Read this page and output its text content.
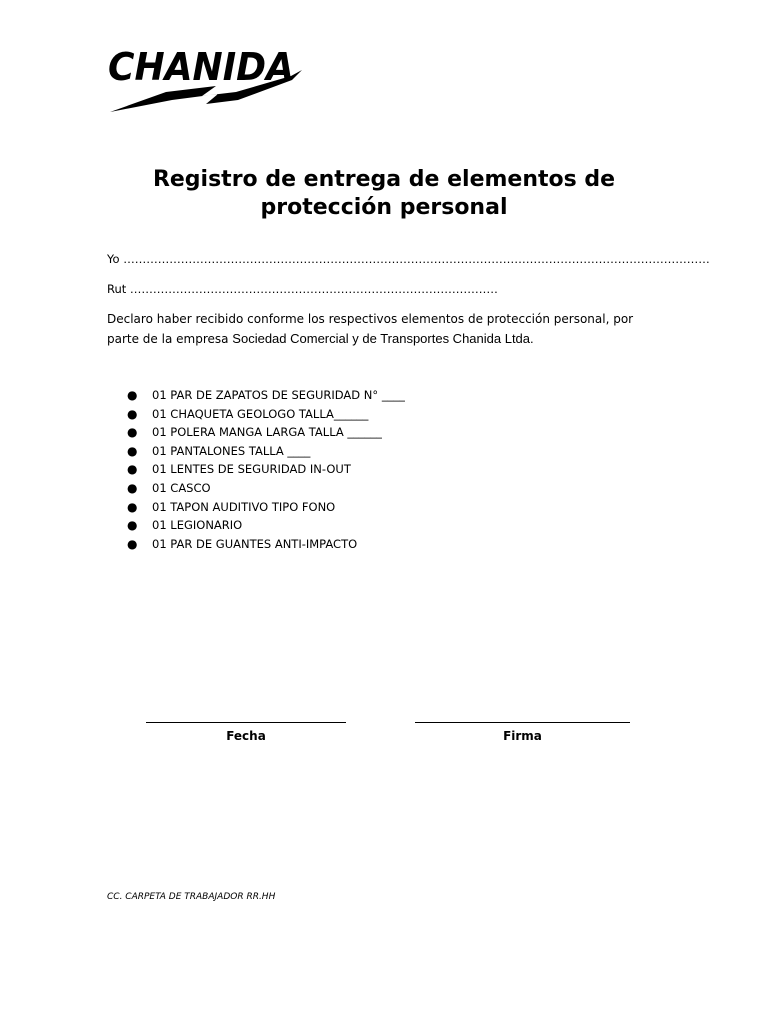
CHANIDA
Registro de entrega de elementos de
protección personal
Yo ………………………………………………………………………………………………………………………………………
Rut ……………………………………………………………………………………
Declaro haber recibido conforme los respectivos elementos de protección personal, por parte de la empresa Sociedad Comercial y de Transportes Chanida Ltda.
● 01 PAR DE ZAPATOS DE SEGURIDAD N° ____
● 01 CHAQUETA GEOLOGO TALLA______
● 01 POLERA MANGA LARGA TALLA ______
● 01 PANTALONES TALLA ____
● 01 LENTES DE SEGURIDAD IN-OUT
● 01 CASCO
● 01 TAPON AUDITIVO TIPO FONO
● 01 LEGIONARIO
● 01 PAR DE GUANTES ANTI-IMPACTO
Fecha	Firma
CC. CARPETA DE TRABAJADOR RR.HH
